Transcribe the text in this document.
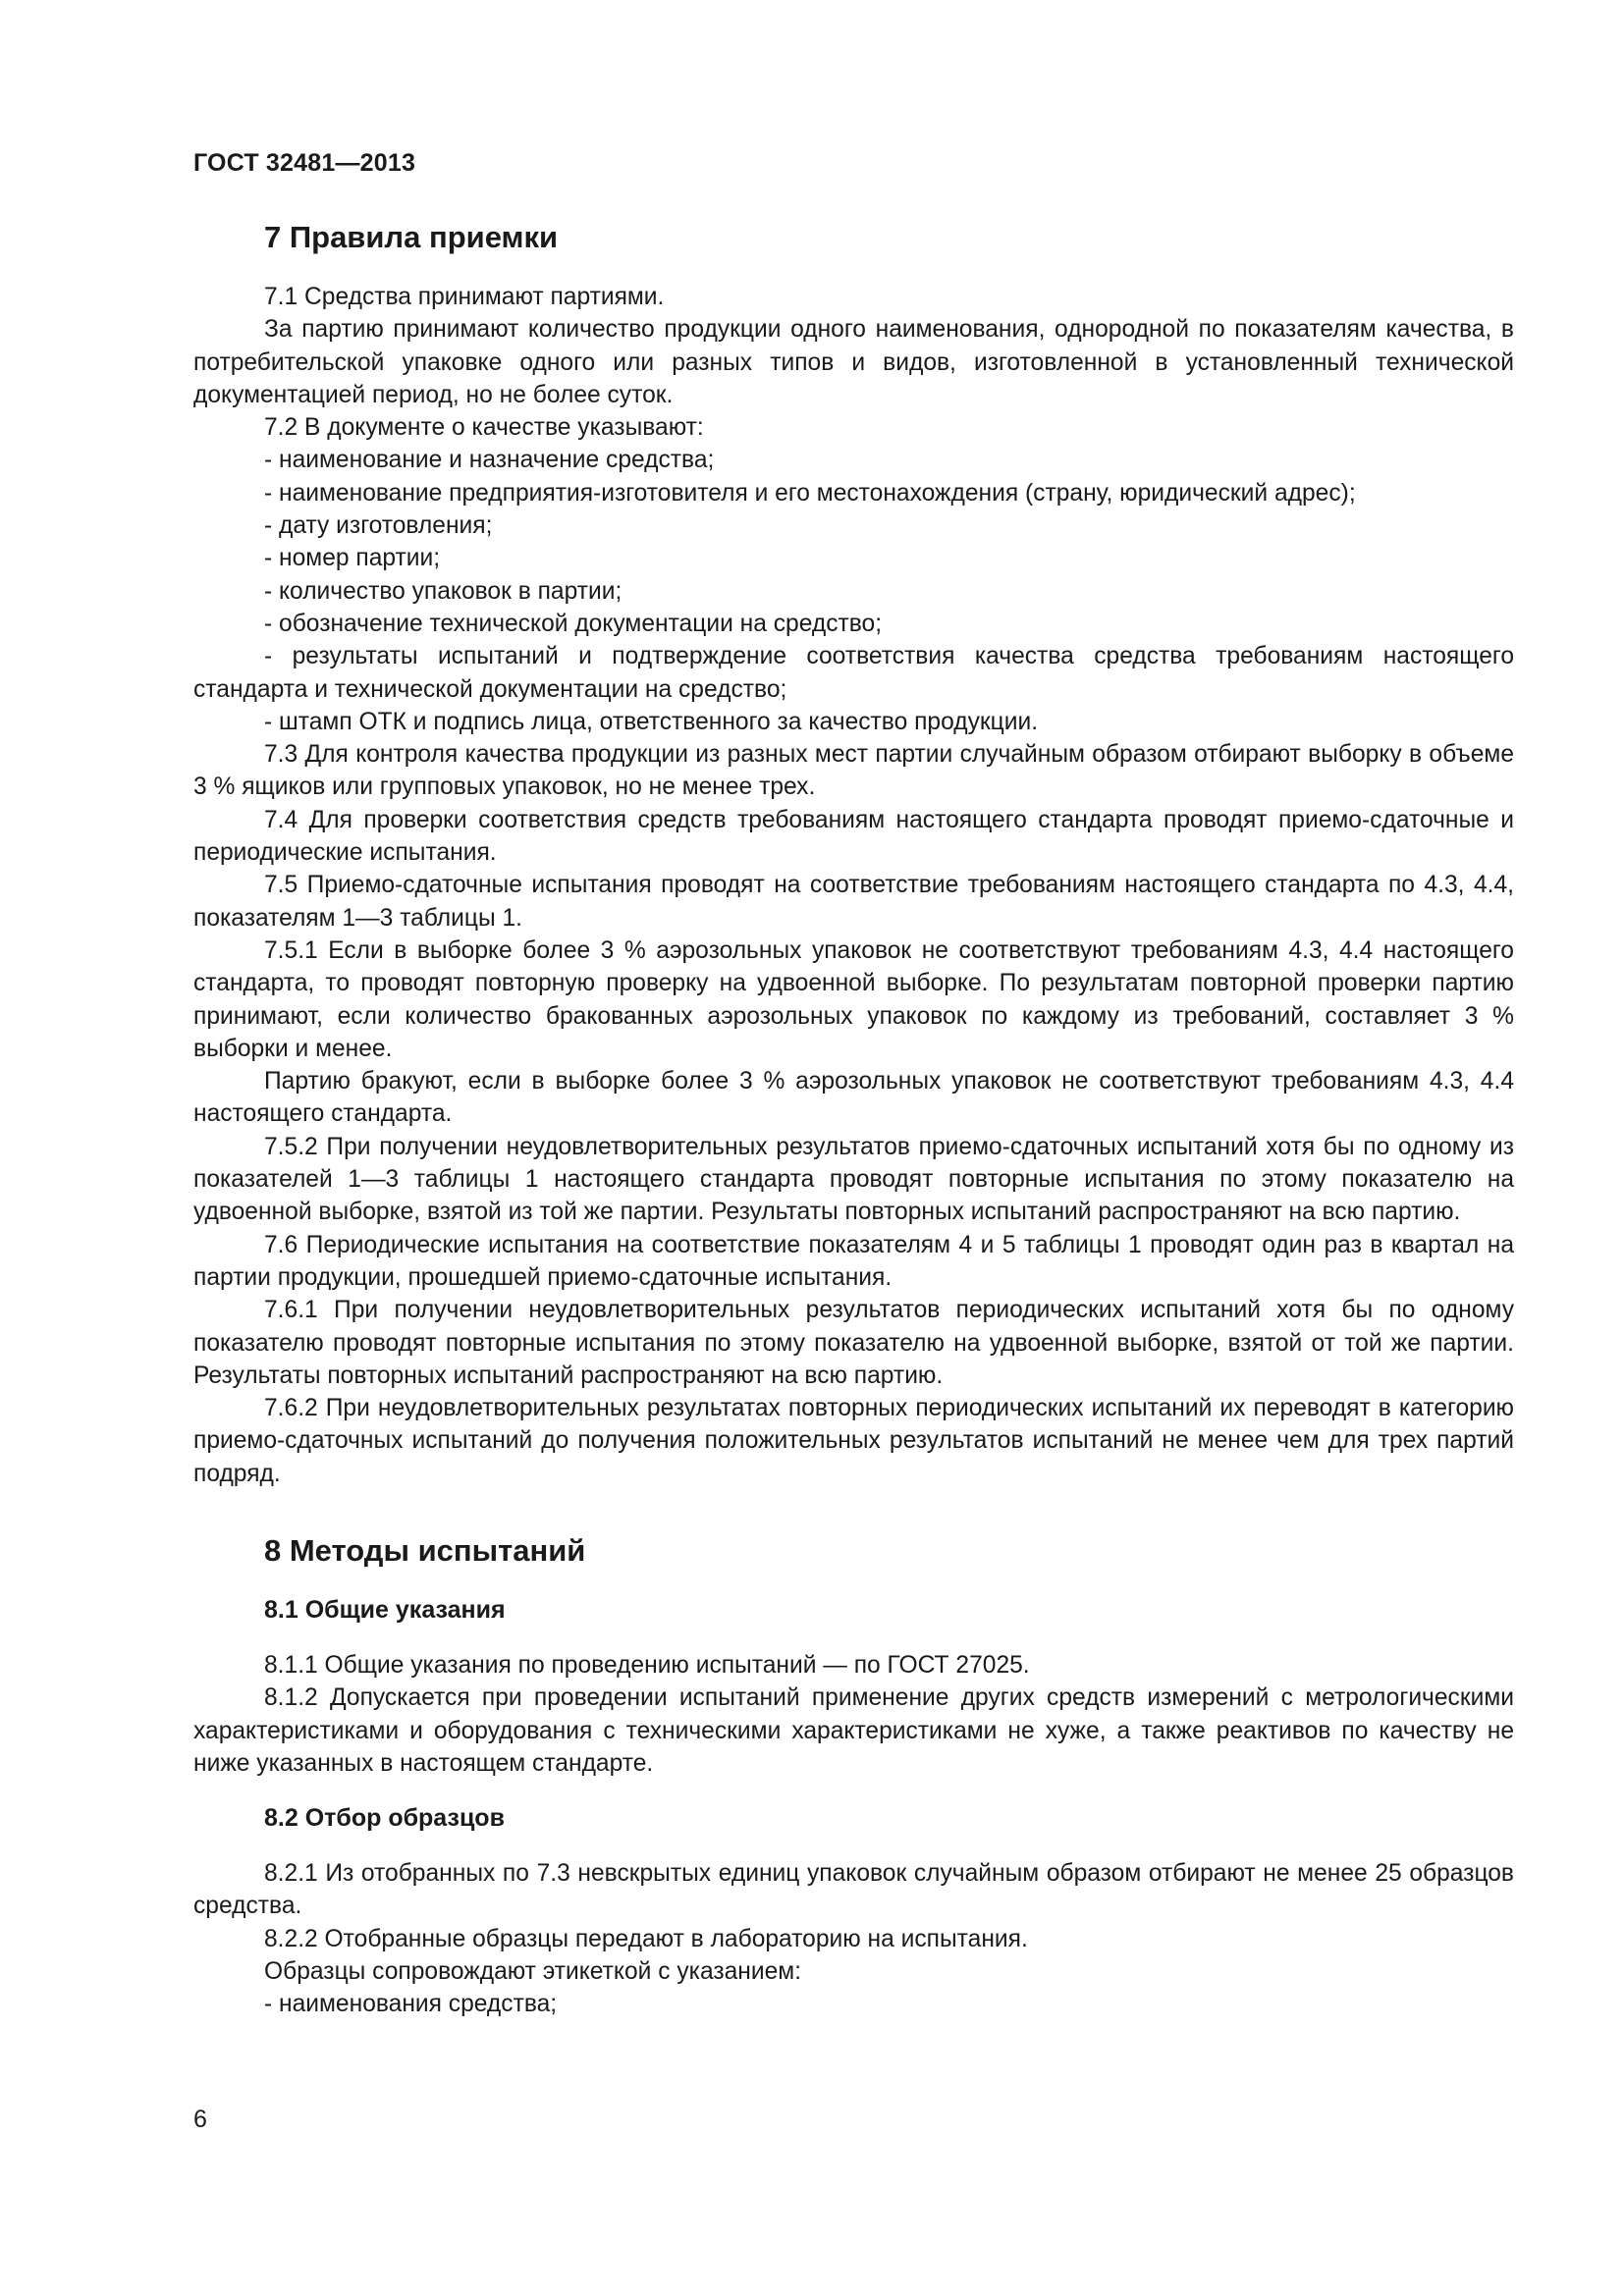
ГОСТ 32481—2013
7 Правила приемки

7.1 Средства принимают партиями.

За партию принимают количество продукции одного наименования, однородной по показателям качества, в потребительской упаковке одного или разных типов и видов, изготовленной в установленный технической документацией период, но не более суток.

7.2 В документе о качестве указывают:

- наименование и назначение средства;

- наименование предприятия-изготовителя и его местонахождения (страну, юридический адрес);

- дату изготовления;

- номер партии;

- количество упаковок в партии;

- обозначение технической документации на средство;

- результаты испытаний и подтверждение соответствия качества средства требованиям настоящего стандарта и технической документации на средство;

- штамп ОТК и подпись лица, ответственного за качество продукции.

7.3 Для контроля качества продукции из разных мест партии случайным образом отбирают выборку в объеме 3 % ящиков или групповых упаковок, но не менее трех.

7.4 Для проверки соответствия средств требованиям настоящего стандарта проводят приемо-сдаточные и периодические испытания.

7.5 Приемо-сдаточные испытания проводят на соответствие требованиям настоящего стандарта по 4.3, 4.4, показателям 1—3 таблицы 1.

7.5.1 Если в выборке более 3 % аэрозольных упаковок не соответствуют требованиям 4.3, 4.4 настоящего стандарта, то проводят повторную проверку на удвоенной выборке. По результатам повторной проверки партию принимают, если количество бракованных аэрозольных упаковок по каждому из требований, составляет 3 % выборки и менее.

Партию бракуют, если в выборке более 3 % аэрозольных упаковок не соответствуют требованиям 4.3, 4.4 настоящего стандарта.

7.5.2 При получении неудовлетворительных результатов приемо-сдаточных испытаний хотя бы по одному из показателей 1—3 таблицы 1 настоящего стандарта проводят повторные испытания по этому показателю на удвоенной выборке, взятой из той же партии. Результаты повторных испытаний распространяют на всю партию.

7.6 Периодические испытания на соответствие показателям 4 и 5 таблицы 1 проводят один раз в квартал на партии продукции, прошедшей приемо-сдаточные испытания.

7.6.1 При получении неудовлетворительных результатов периодических испытаний хотя бы по одному показателю проводят повторные испытания по этому показателю на удвоенной выборке, взятой от той же партии. Результаты повторных испытаний распространяют на всю партию.

7.6.2 При неудовлетворительных результатах повторных периодических испытаний их переводят в категорию приемо-сдаточных испытаний до получения положительных результатов испытаний не менее чем для трех партий подряд.

8 Методы испытаний
8.1 Общие указания

8.1.1 Общие указания по проведению испытаний — по ГОСТ 27025.

8.1.2 Допускается при проведении испытаний применение других средств измерений с метрологическими характеристиками и оборудования с техническими характеристиками не хуже, а также реактивов по качеству не ниже указанных в настоящем стандарте.

8.2 Отбор образцов

8.2.1 Из отобранных по 7.3 невскрытых единиц упаковок случайным образом отбирают не менее 25 образцов средства.

8.2.2 Отобранные образцы передают в лабораторию на испытания.

Образцы сопровождают этикеткой с указанием:

- наименования средства;

6
